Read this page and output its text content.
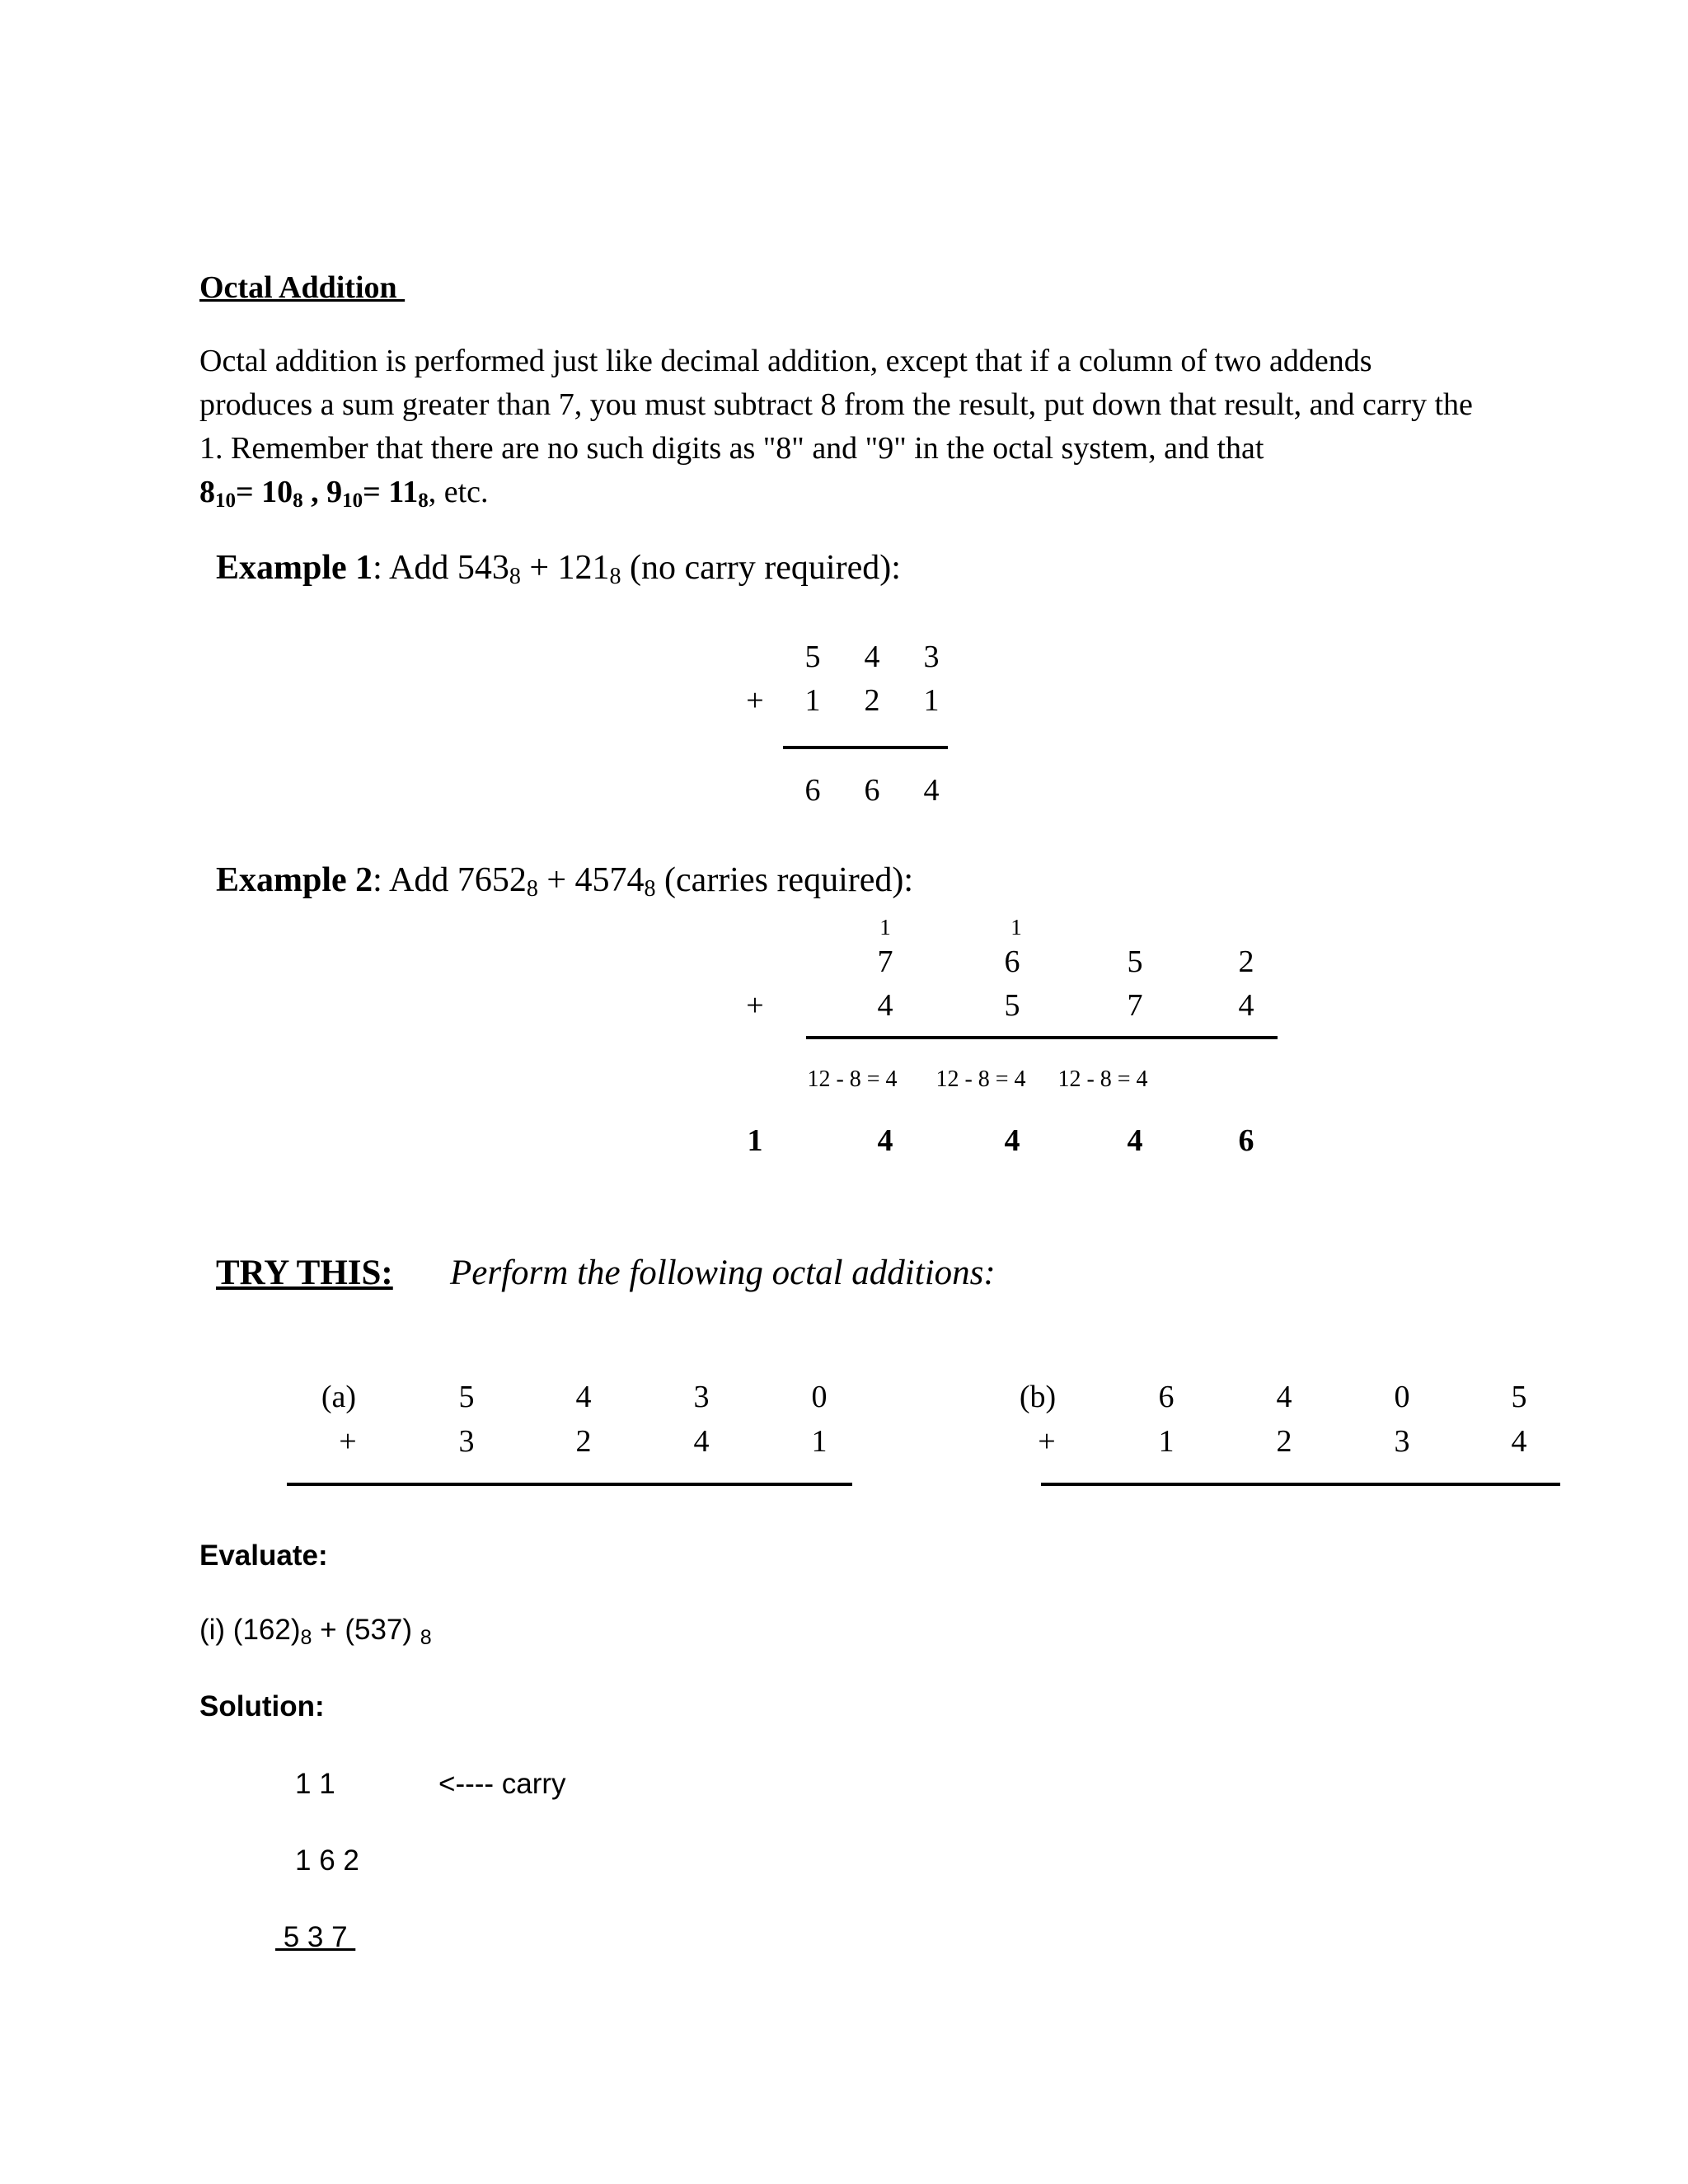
Octal Addition

Octal addition is performed just like decimal addition, except that if a column of two addends produces a sum greater than 7, you must subtract 8 from the result, put down that result, and carry the 1. Remember that there are no such digits as "8" and "9" in the octal system, and that

$8_{10}= 10_8$ , $9_{10}= 11_8$, etc.

Example 1: Add $543_8 + 121_8$ (no carry required):
5	4	3
+	1	2	1
6	6	4
Example 2: Add $7652_8 + 4574_8$ (carries required):
1	1
7	6	5	2
+	4	5	7	4
12 - 8 = 4	12 - 8 = 4	12 - 8 = 4
1	4	4	4	6
TRY THIS: Perform the following octal additions:
(a)	5	4	3	0
+	3	2	4	1
(b)	6	4	0	5
+	1	2	3	4
Evaluate:
(i) $(162)_8 + (537)$ $_8$
Solution:
1 1	<---- carry
1 6 2
5 3 7
